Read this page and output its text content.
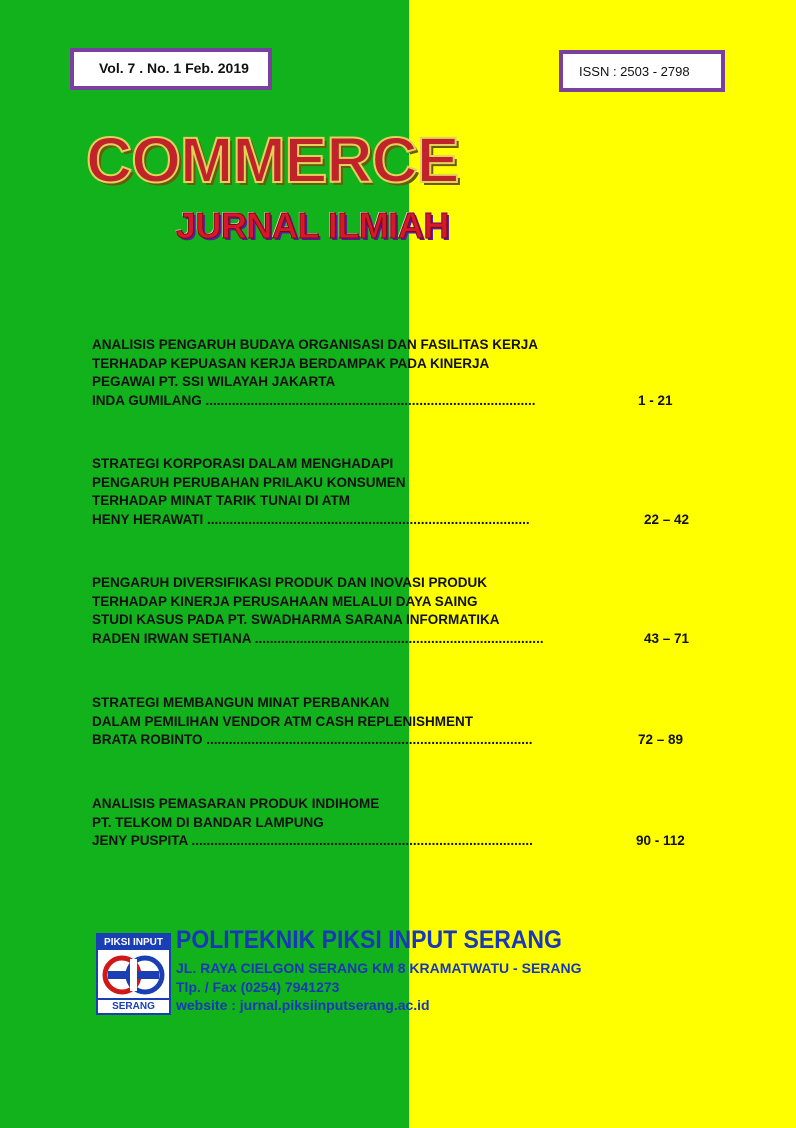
Vol. 7 . No. 1 Feb. 2019	ISSN : 2503 - 2798
COMMERCE
JURNAL ILMIAH
ANALISIS PENGARUH BUDAYA ORGANISASI DAN FASILITAS KERJA
TERHADAP KEPUASAN KERJA BERDAMPAK PADA KINERJA
PEGAWAI PT. SSI WILAYAH JAKARTA
INDA GUMILANG ........................................................................................	1 - 21
STRATEGI KORPORASI DALAM MENGHADAPI
PENGARUH PERUBAHAN PRILAKU KONSUMEN
TERHADAP MINAT TARIK TUNAI DI ATM
HENY HERAWATI ......................................................................................	22 – 42
PENGARUH DIVERSIFIKASI PRODUK DAN INOVASI PRODUK
TERHADAP KINERJA PERUSAHAAN MELALUI DAYA SAING
STUDI KASUS PADA PT. SWADHARMA SARANA INFORMATIKA
RADEN IRWAN SETIANA .............................................................................	43 – 71
STRATEGI MEMBANGUN MINAT PERBANKAN
DALAM PEMILIHAN VENDOR ATM CASH REPLENISHMENT
BRATA ROBINTO .......................................................................................	72 – 89
ANALISIS PEMASARAN PRODUK INDIHOME
PT. TELKOM DI BANDAR LAMPUNG
JENY PUSPITA ...........................................................................................	90 - 112
PIKSI INPUT
SERANG
POLITEKNIK PIKSI INPUT SERANG
JL. RAYA CIELGON SERANG KM 8 KRAMATWATU - SERANG
Tlp. / Fax (0254) 7941273
website : jurnal.piksiinputserang.ac.id
